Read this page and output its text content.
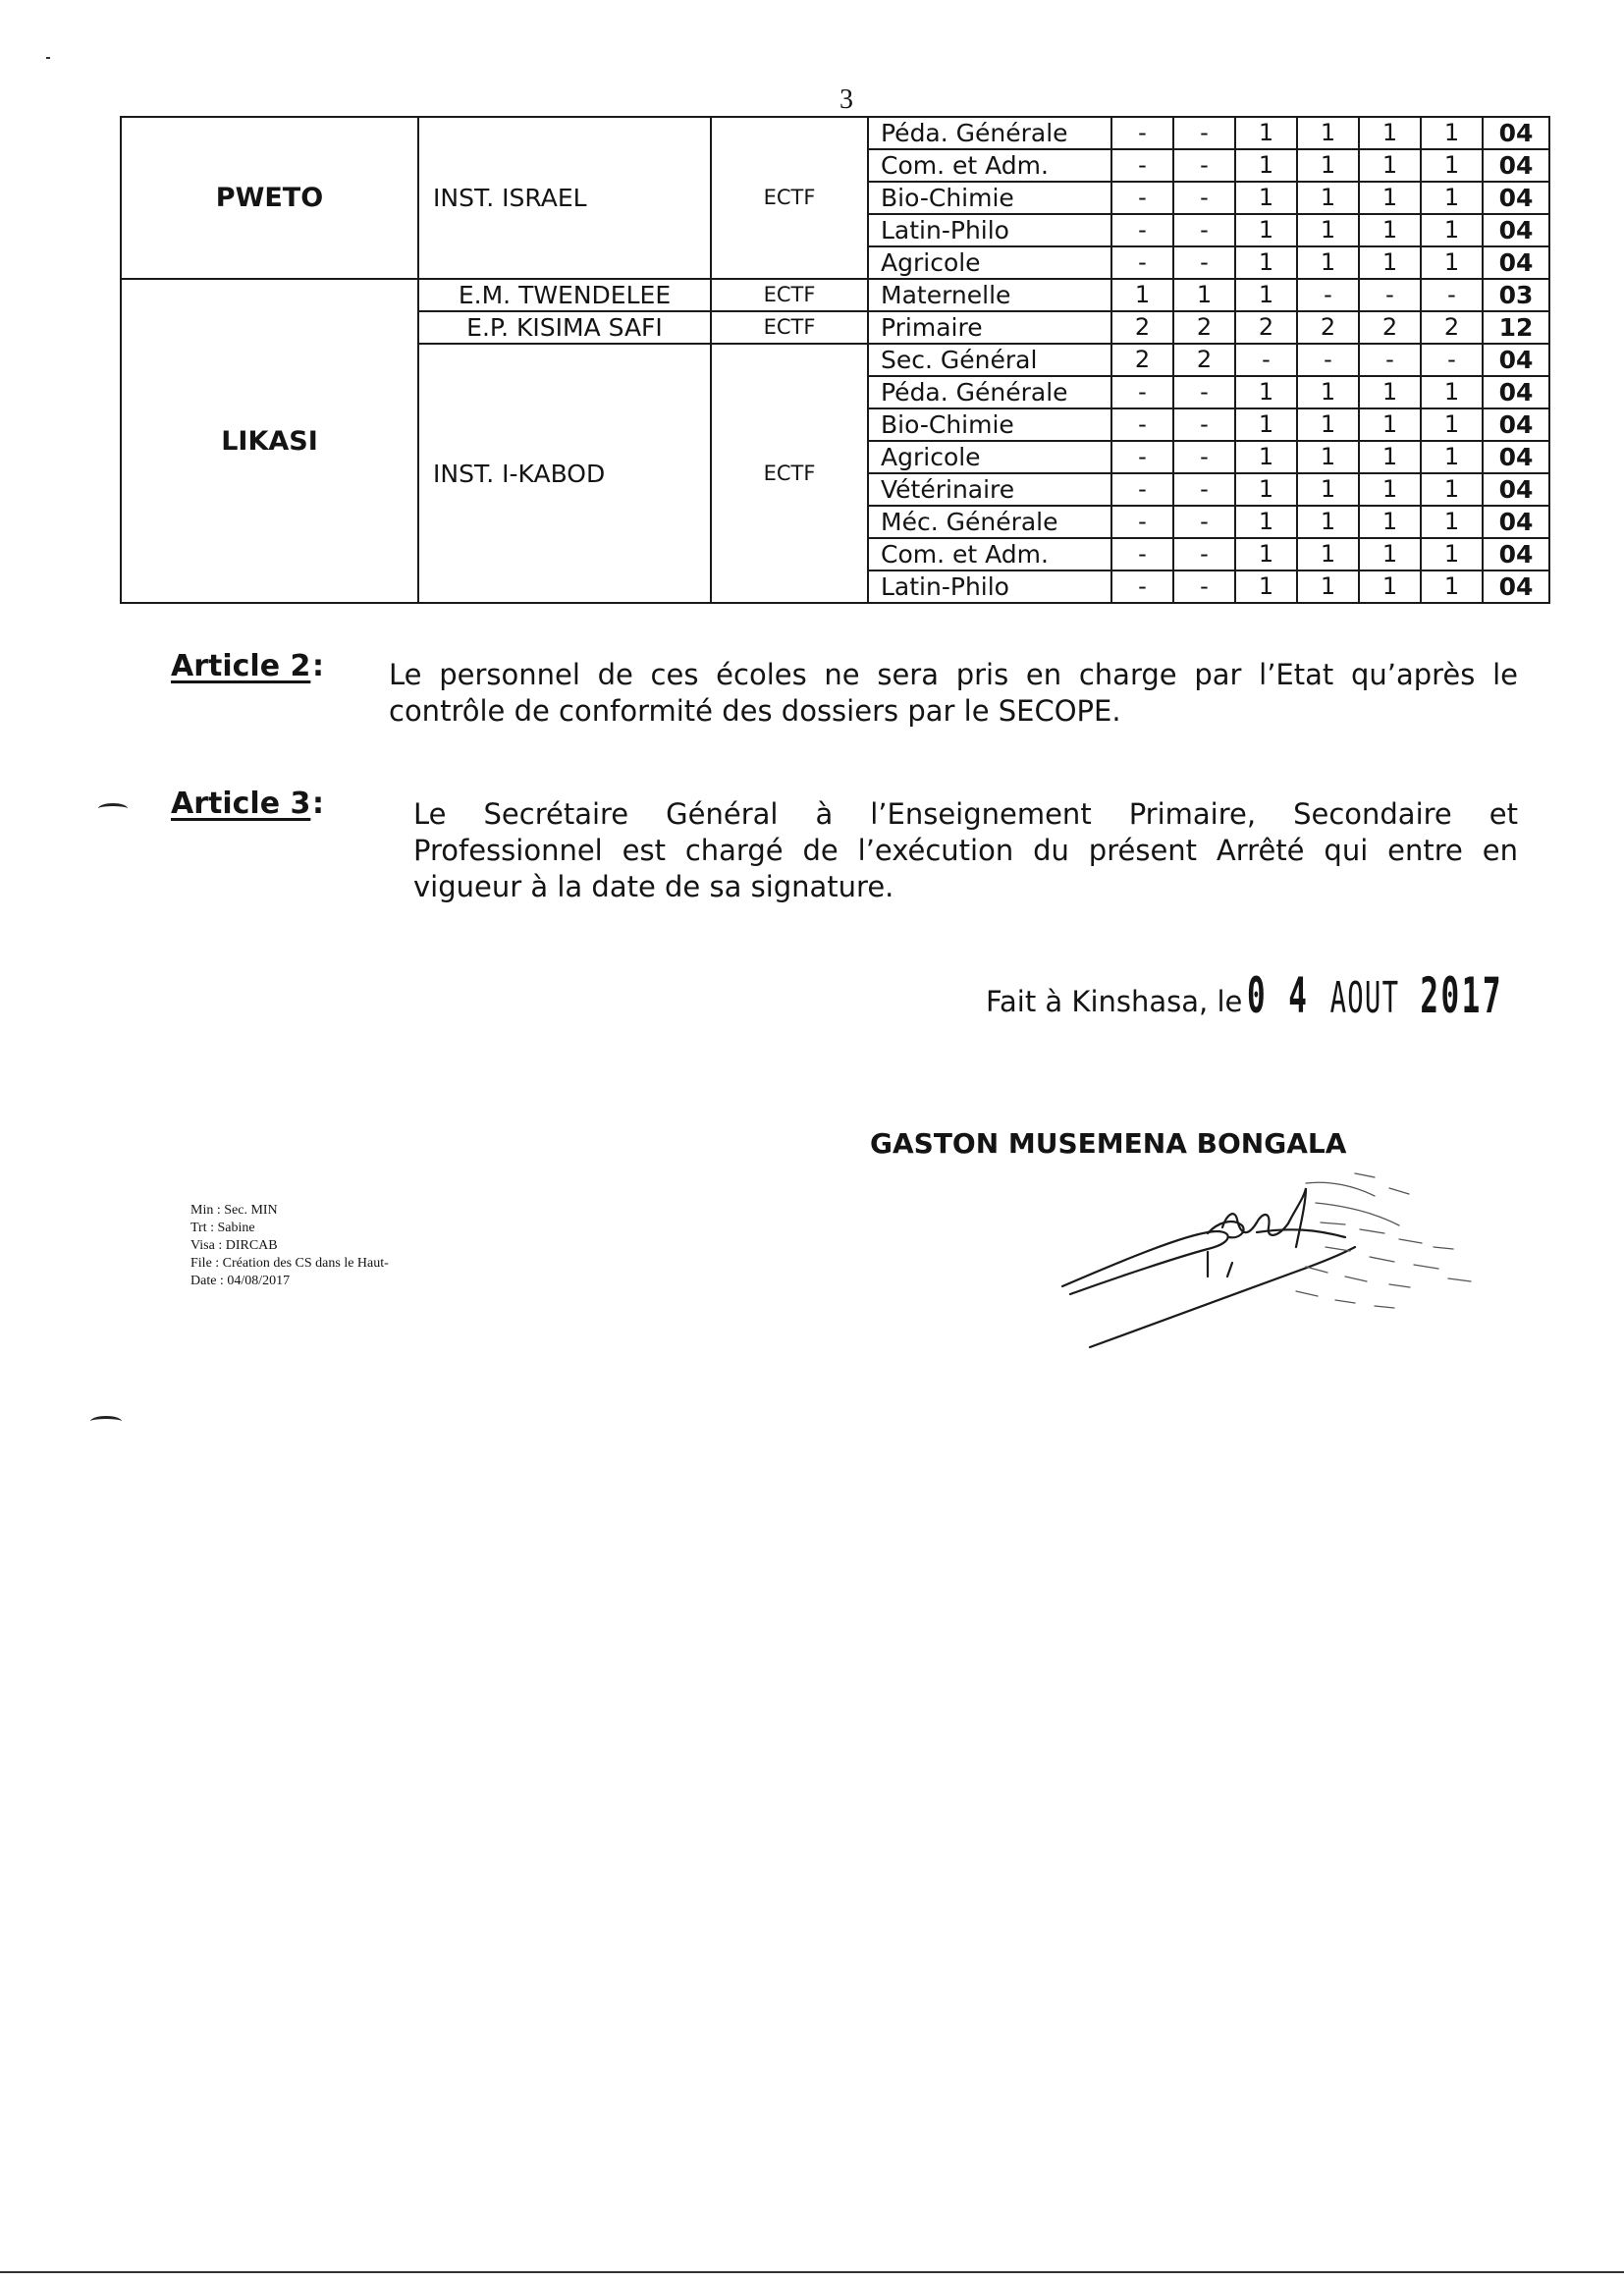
3
PWETO	INST. ISRAEL	ECTF	Péda. Générale	-	-	1	1	1	1	04
			Com. et Adm.	-	-	1	1	1	1	04
			Bio-Chimie	-	-	1	1	1	1	04
			Latin-Philo	-	-	1	1	1	1	04
			Agricole	-	-	1	1	1	1	04
LIKASI	E.M. TWENDELEE	ECTF	Maternelle	1	1	1	-	-	-	03
	E.P. KISIMA SAFI	ECTF	Primaire	2	2	2	2	2	2	12
	INST. I-KABOD	ECTF	Sec. Général	2	2	-	-	-	-	04
			Péda. Générale	-	-	1	1	1	1	04
			Bio-Chimie	-	-	1	1	1	1	04
			Agricole	-	-	1	1	1	1	04
			Vétérinaire	-	-	1	1	1	1	04
			Méc. Générale	-	-	1	1	1	1	04
			Com. et Adm.	-	-	1	1	1	1	04
			Latin-Philo	-	-	1	1	1	1	04
Article 2 : Le personnel de ces écoles ne sera pris en charge par l’Etat qu’après le contrôle de conformité des dossiers par le SECOPE.
Article 3 :	Le Secrétaire Général à l’Enseignement Primaire, Secondaire et Professionnel est chargé de l’exécution du présent Arrêté qui entre en vigueur à la date de sa signature.
Fait à Kinshasa, le 0 4 AOUT 2017
GASTON MUSEMENA BONGALA
Min : Sec. MIN
Trt : Sabine
Visa : DIRCAB
File : Création des CS dans le Haut-
Date : 04/08/2017
